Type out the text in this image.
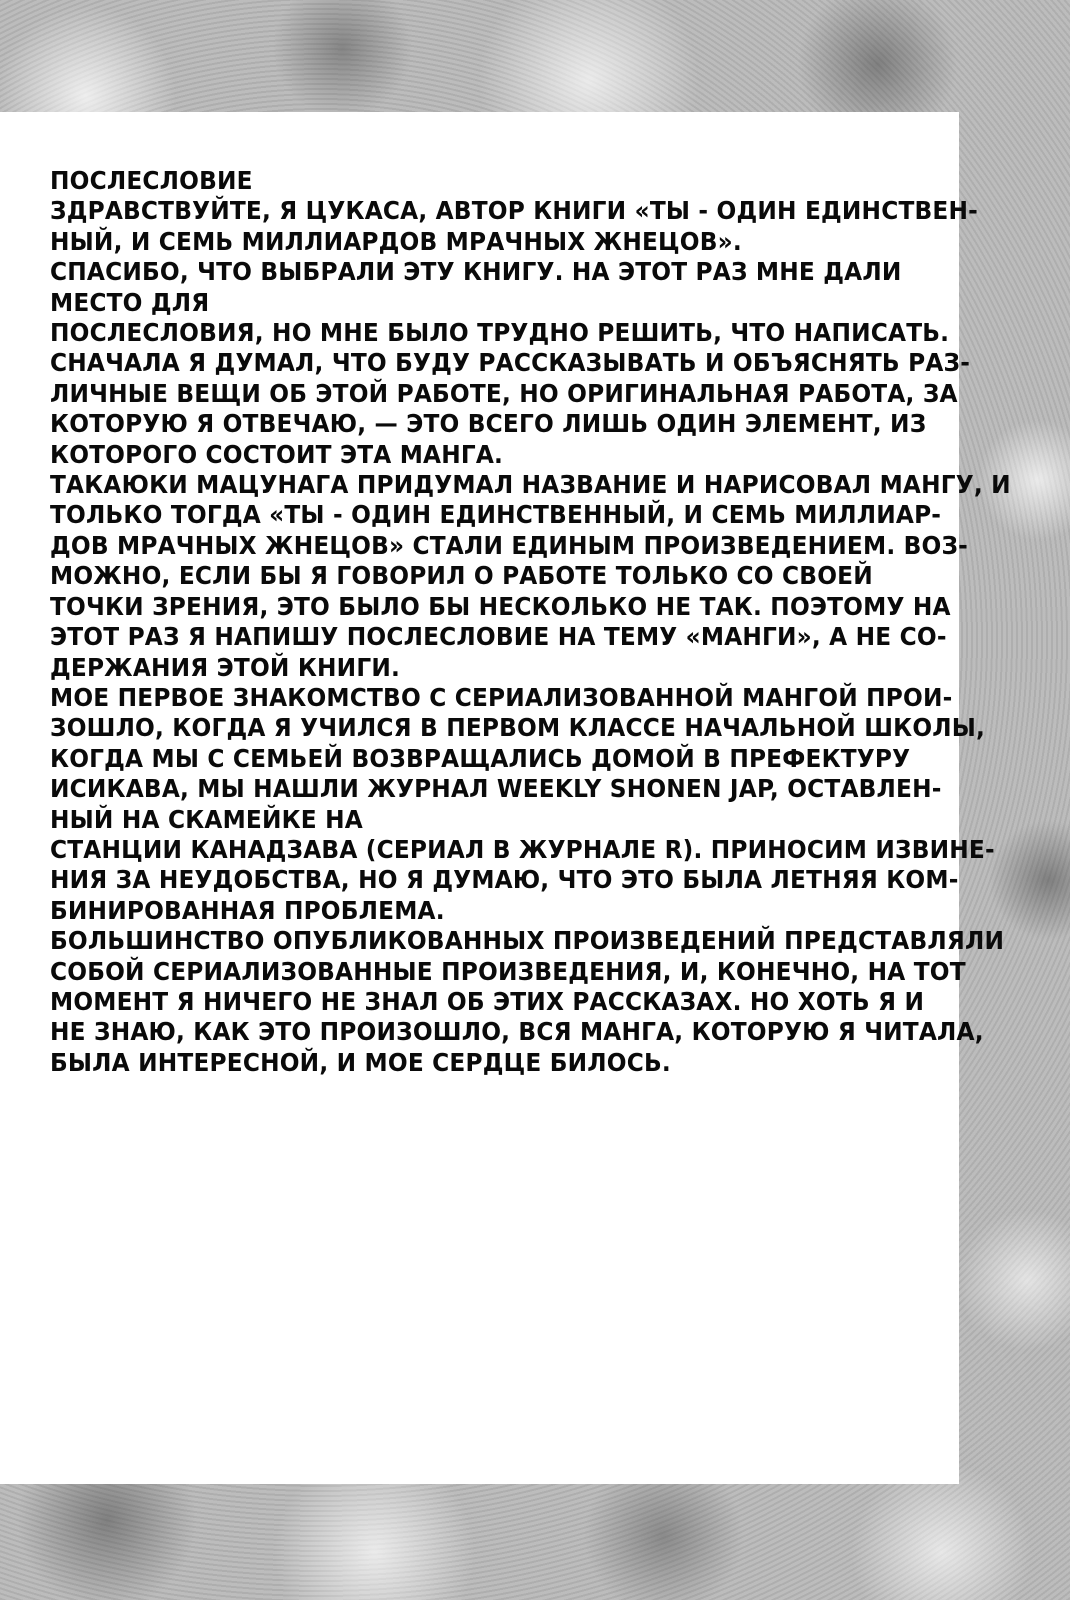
ПОСЛЕСЛОВИЕ
ЗДРАВСТВУЙТЕ, Я ЦУКАСА, АВТОР КНИГИ «ТЫ - ОДИН ЕДИНСТВЕН-
НЫЙ, И СЕМЬ МИЛЛИАРДОВ МРАЧНЫХ ЖНЕЦОВ».
СПАСИБО, ЧТО ВЫБРАЛИ ЭТУ КНИГУ. НА ЭТОТ РАЗ МНЕ ДАЛИ
МЕСТО ДЛЯ
ПОСЛЕСЛОВИЯ, НО МНЕ БЫЛО ТРУДНО РЕШИТЬ, ЧТО НАПИСАТЬ.
СНАЧАЛА Я ДУМАЛ, ЧТО БУДУ РАССКАЗЫВАТЬ И ОБЪЯСНЯТЬ РАЗ-
ЛИЧНЫЕ ВЕЩИ ОБ ЭТОЙ РАБОТЕ, НО ОРИГИНАЛЬНАЯ РАБОТА, ЗА
КОТОРУЮ Я ОТВЕЧАЮ, — ЭТО ВСЕГО ЛИШЬ ОДИН ЭЛЕМЕНТ, ИЗ
КОТОРОГО СОСТОИТ ЭТА МАНГА.
ТАКАЮКИ МАЦУНАГА ПРИДУМАЛ НАЗВАНИЕ И НАРИСОВАЛ МАНГУ, И
ТОЛЬКО ТОГДА «ТЫ - ОДИН ЕДИНСТВЕННЫЙ, И СЕМЬ МИЛЛИАР-
ДОВ МРАЧНЫХ ЖНЕЦОВ» СТАЛИ ЕДИНЫМ ПРОИЗВЕДЕНИЕМ. ВОЗ-
МОЖНО, ЕСЛИ БЫ Я ГОВОРИЛ О РАБОТЕ ТОЛЬКО СО СВОЕЙ
ТОЧКИ ЗРЕНИЯ, ЭТО БЫЛО БЫ НЕСКОЛЬКО НЕ ТАК. ПОЭТОМУ НА
ЭТОТ РАЗ Я НАПИШУ ПОСЛЕСЛОВИЕ НА ТЕМУ «МАНГИ», А НЕ СО-
ДЕРЖАНИЯ ЭТОЙ КНИГИ.
МОЕ ПЕРВОЕ ЗНАКОМСТВО С СЕРИАЛИЗОВАННОЙ МАНГОЙ ПРОИ-
ЗОШЛО, КОГДА Я УЧИЛСЯ В ПЕРВОМ КЛАССЕ НАЧАЛЬНОЙ ШКОЛЫ,
КОГДА МЫ С СЕМЬЕЙ ВОЗВРАЩАЛИСЬ ДОМОЙ В ПРЕФЕКТУРУ
ИСИКАВА, МЫ НАШЛИ ЖУРНАЛ WEEKLY SHONEN JAP, ОСТАВЛЕН-
НЫЙ НА СКАМЕЙКЕ НА
СТАНЦИИ КАНАДЗАВА (СЕРИАЛ В ЖУРНАЛЕ R). ПРИНОСИМ ИЗВИНЕ-
НИЯ ЗА НЕУДОБСТВА, НО Я ДУМАЮ, ЧТО ЭТО БЫЛА ЛЕТНЯЯ КОМ-
БИНИРОВАННАЯ ПРОБЛЕМА.
БОЛЬШИНСТВО ОПУБЛИКОВАННЫХ ПРОИЗВЕДЕНИЙ ПРЕДСТАВЛЯЛИ
СОБОЙ СЕРИАЛИЗОВАННЫЕ ПРОИЗВЕДЕНИЯ, И, КОНЕЧНО, НА ТОТ
МОМЕНТ Я НИЧЕГО НЕ ЗНАЛ ОБ ЭТИХ РАССКАЗАХ. НО ХОТЬ Я И
НЕ ЗНАЮ, КАК ЭТО ПРОИЗОШЛО, ВСЯ МАНГА, КОТОРУЮ Я ЧИТАЛА,
БЫЛА ИНТЕРЕСНОЙ, И МОЕ СЕРДЦЕ БИЛОСЬ.
